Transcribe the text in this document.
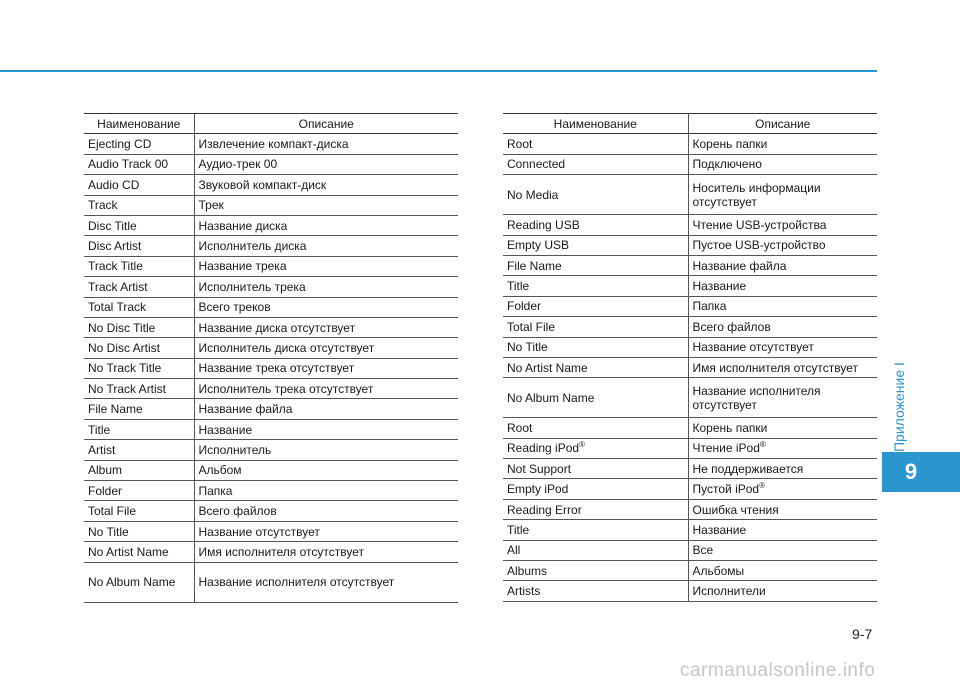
Наименование	Описание
Ejecting CD	Извлечение компакт-диска
Audio Track 00	Аудио-трек 00
Audio CD	Звуковой компакт-диск
Track	Трек
Disc Title	Название диска
Disc Artist	Исполнитель диска
Track Title	Название трека
Track Artist	Исполнитель трека
Total Track	Всего треков
No Disc Title	Название диска отсутствует
No Disc Artist	Исполнитель диска отсутствует
No Track Title	Название трека отсутствует
No Track Artist	Исполнитель трека отсутствует
File Name	Название файла
Title	Название
Artist	Исполнитель
Album	Альбом
Folder	Папка
Total File	Всего файлов
No Title	Название отсутствует
No Artist Name	Имя исполнителя отсутствует
No Album Name	Название исполнителя отсутствует
Наименование	Описание
Root	Корень папки
Connected	Подключено
No Media	Носитель информации отсутствует
Reading USB	Чтение USB-устройства
Empty USB	Пустое USB-устройство
File Name	Название файла
Title	Название
Folder	Папка
Total File	Всего файлов
No Title	Название отсутствует
No Artist Name	Имя исполнителя отсутствует
No Album Name	Название исполнителя отсутствует
Root	Корень папки
Reading iPod®	Чтение iPod®
Not Support	Не поддерживается
Empty iPod	Пустой iPod®
Reading Error	Ошибка чтения
Title	Название
All	Все
Albums	Альбомы
Artists	Исполнители
Приложение I
9
9-7
carmanualsonline.info
